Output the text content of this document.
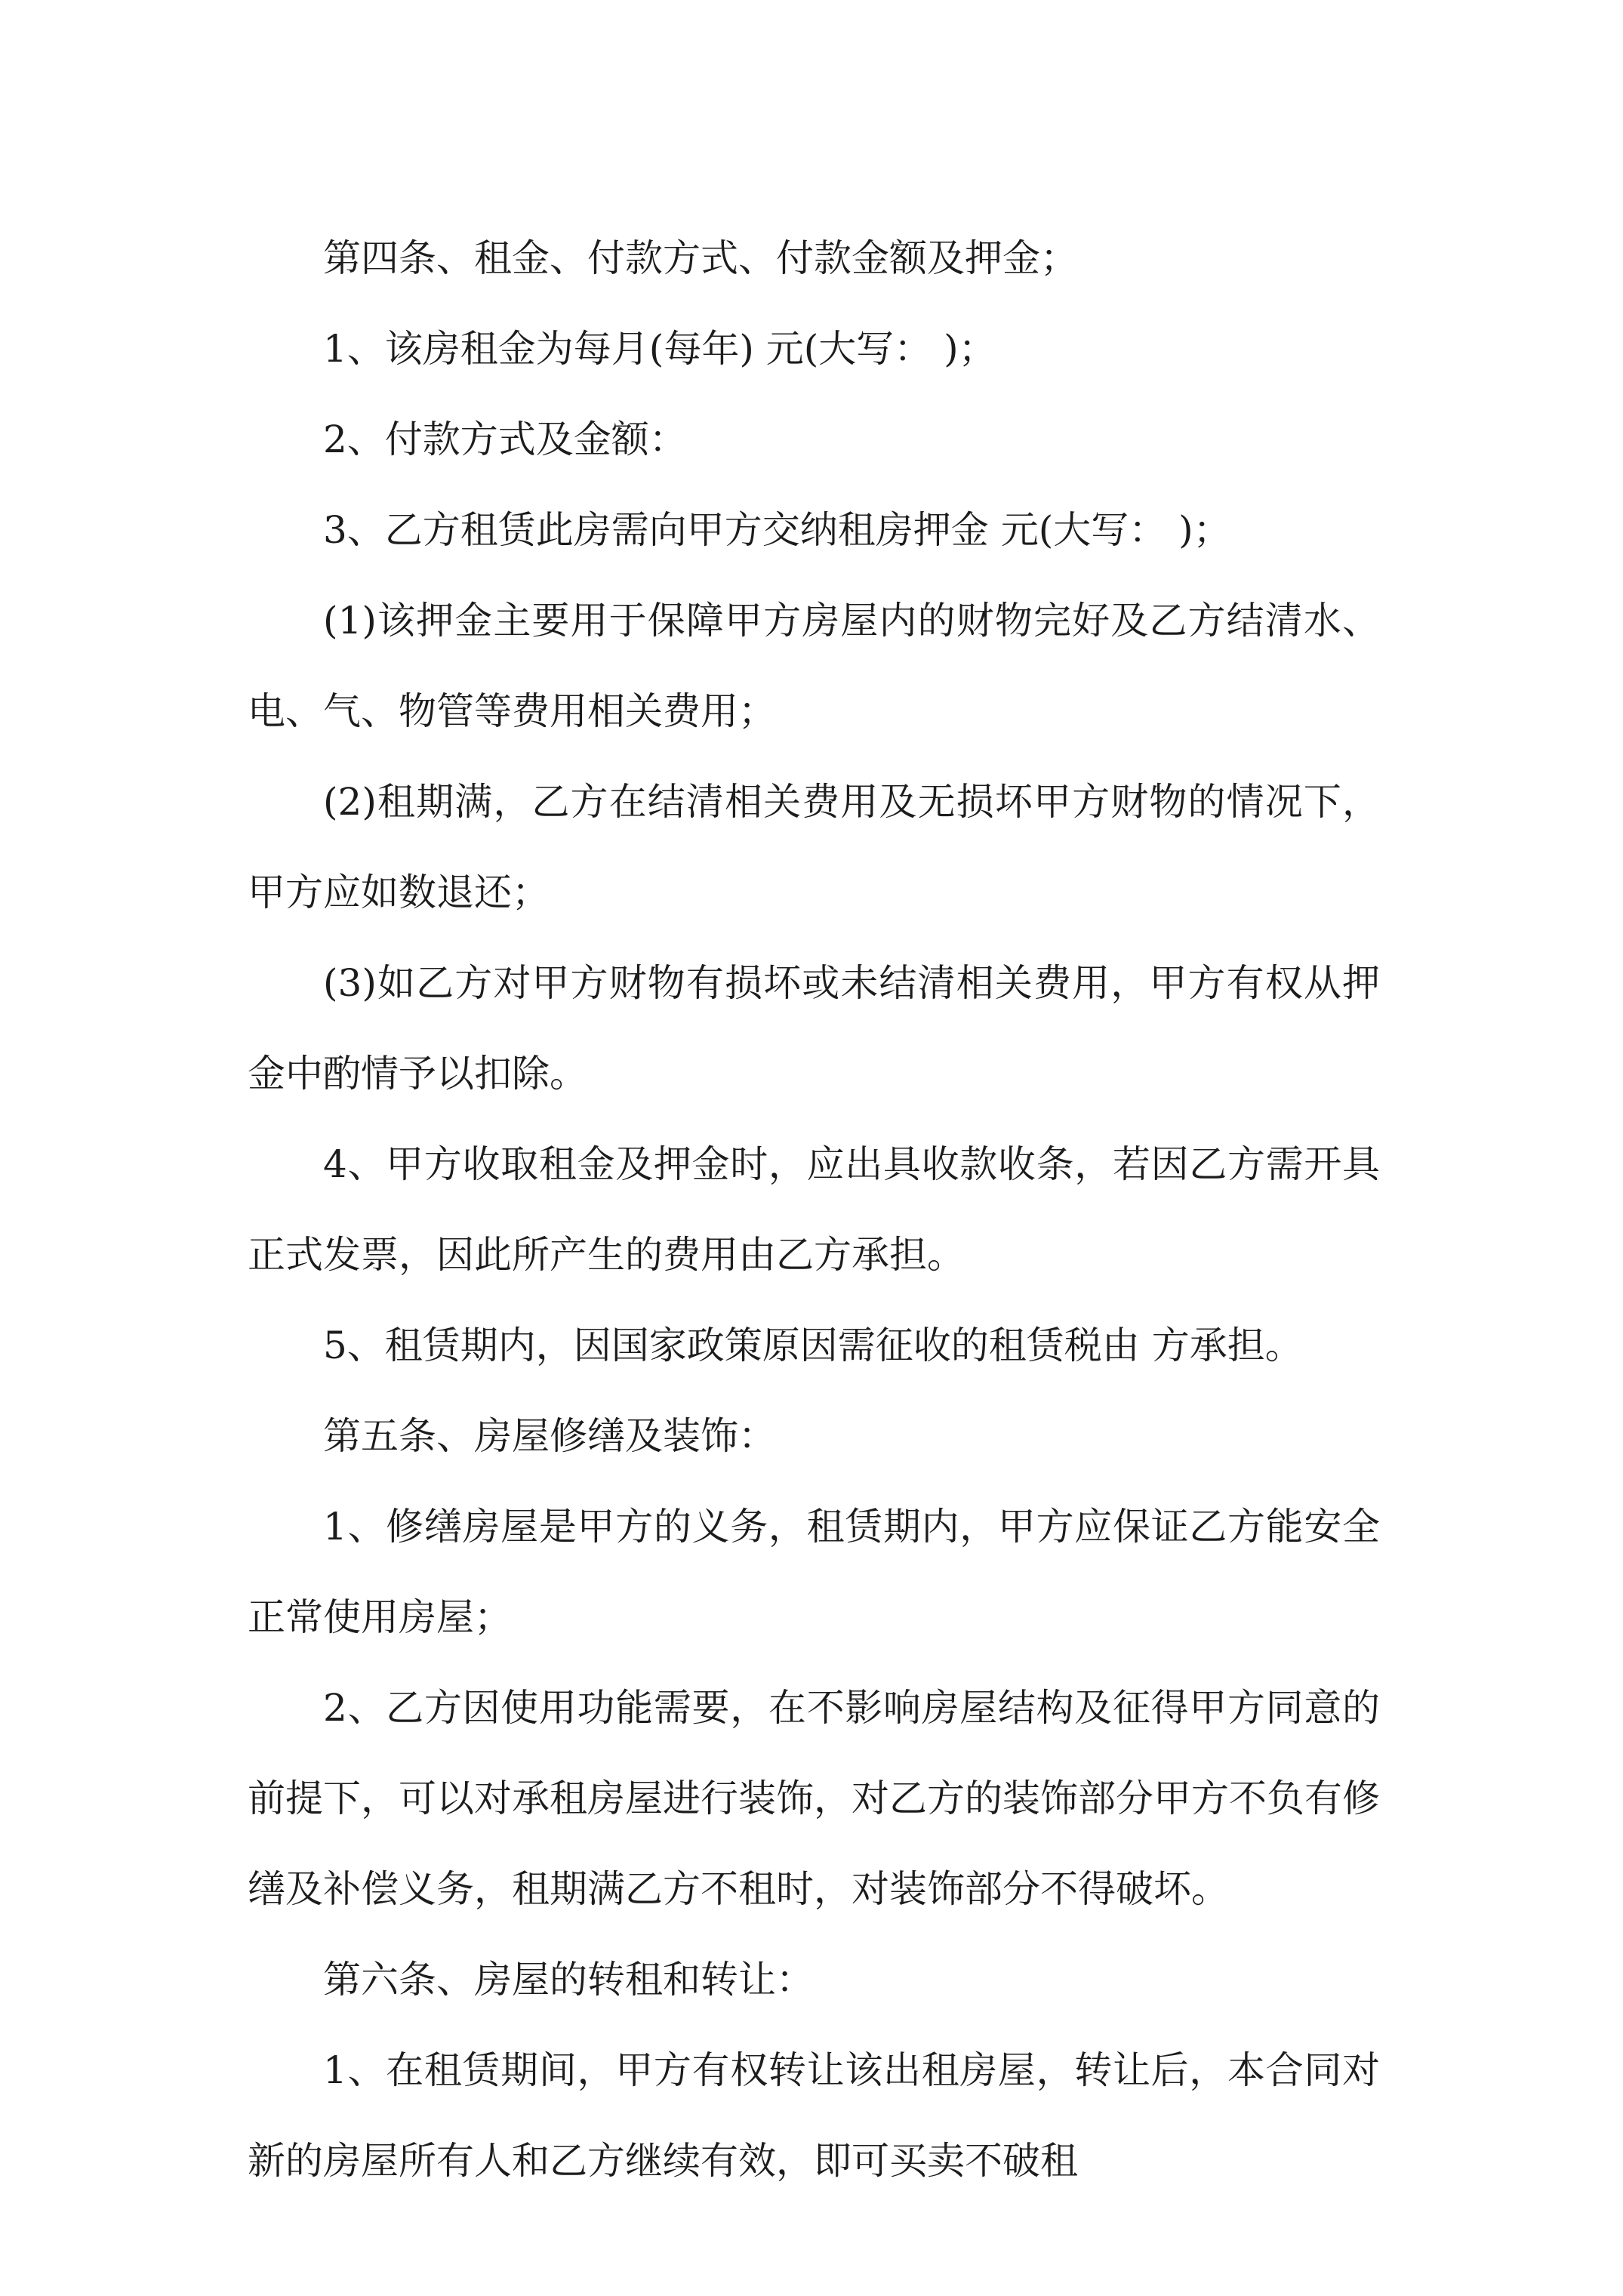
第四条、租金、付款方式、付款金额及押金；

1、该房租金为每月(每年) 元(大写： )；

2、付款方式及金额：

3、乙方租赁此房需向甲方交纳租房押金 元(大写： )；

(1)该押金主要用于保障甲方房屋内的财物完好及乙方结清水、电、气、物管等费用相关费用；

(2)租期满，乙方在结清相关费用及无损坏甲方财物的情况下，甲方应如数退还；

(3)如乙方对甲方财物有损坏或未结清相关费用，甲方有权从押金中酌情予以扣除。

4、甲方收取租金及押金时，应出具收款收条，若因乙方需开具正式发票，因此所产生的费用由乙方承担。

5、租赁期内，因国家政策原因需征收的租赁税由 方承担。

第五条、房屋修缮及装饰：

1、修缮房屋是甲方的义务，租赁期内，甲方应保证乙方能安全正常使用房屋；

2、乙方因使用功能需要，在不影响房屋结构及征得甲方同意的前提下，可以对承租房屋进行装饰，对乙方的装饰部分甲方不负有修缮及补偿义务，租期满乙方不租时，对装饰部分不得破坏。

第六条、房屋的转租和转让：

1、在租赁期间，甲方有权转让该出租房屋，转让后，本合同对新的房屋所有人和乙方继续有效，即可买卖不破租
